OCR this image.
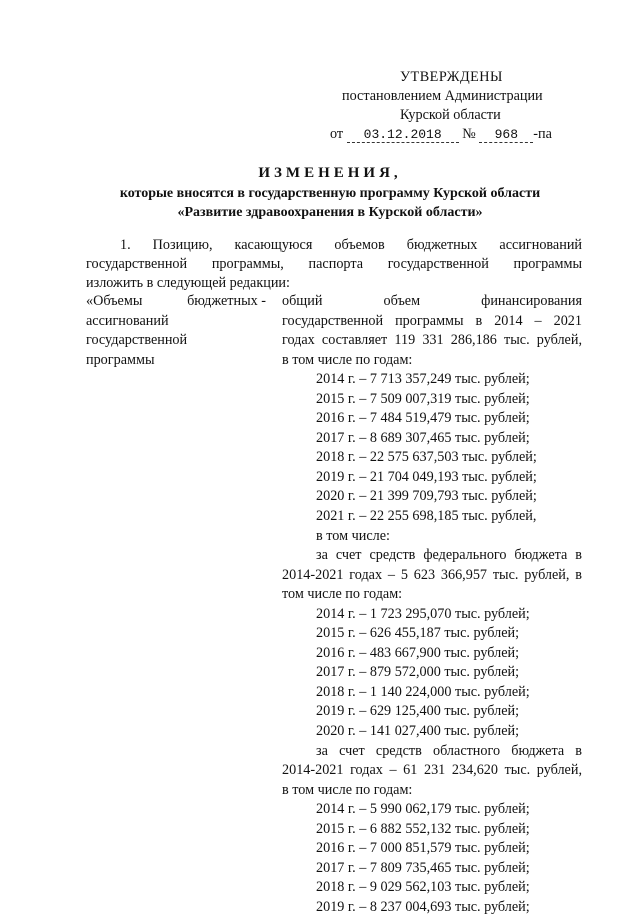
УТВЕРЖДЕНЫ
постановлением Администрации
Курской области
от 03.12.2018 № 968 -па
ИЗМЕНЕНИЯ,
которые вносятся в государственную программу Курской области
«Развитие здравоохранения в Курской области»
1. Позицию, касающуюся объемов бюджетных ассигнований
государственной программы, паспорта государственной программы
изложить в следующей редакции:
«Объемы	бюджетных -
ассигнований
государственной
программы
общий объем финансирования
государственной программы в 2014 – 2021
годах составляет 119 331 286,186 тыс. рублей,
в том числе по годам:
2014 г. – 7 713 357,249 тыс. рублей;
2015 г. – 7 509 007,319 тыс. рублей;
2016 г. – 7 484 519,479 тыс. рублей;
2017 г. – 8 689 307,465 тыс. рублей;
2018 г. – 22 575 637,503 тыс. рублей;
2019 г. – 21 704 049,193 тыс. рублей;
2020 г. – 21 399 709,793 тыс. рублей;
2021 г. – 22 255 698,185 тыс. рублей,
в том числе:
за счет средств федерального бюджета в
2014-2021 годах – 5 623 366,957 тыс. рублей, в
том числе по годам:
2014 г. – 1 723 295,070 тыс. рублей;
2015 г. – 626 455,187 тыс. рублей;
2016 г. – 483 667,900 тыс. рублей;
2017 г. – 879 572,000 тыс. рублей;
2018 г. – 1 140 224,000 тыс. рублей;
2019 г. – 629 125,400 тыс. рублей;
2020 г. – 141 027,400 тыс. рублей;
за счет средств областного бюджета в
2014-2021 годах – 61 231 234,620 тыс. рублей,
в том числе по годам:
2014 г. – 5 990 062,179 тыс. рублей;
2015 г. – 6 882 552,132 тыс. рублей;
2016 г. – 7 000 851,579 тыс. рублей;
2017 г. – 7 809 735,465 тыс. рублей;
2018 г. – 9 029 562,103 тыс. рублей;
2019 г. – 8 237 004,693 тыс. рублей;
